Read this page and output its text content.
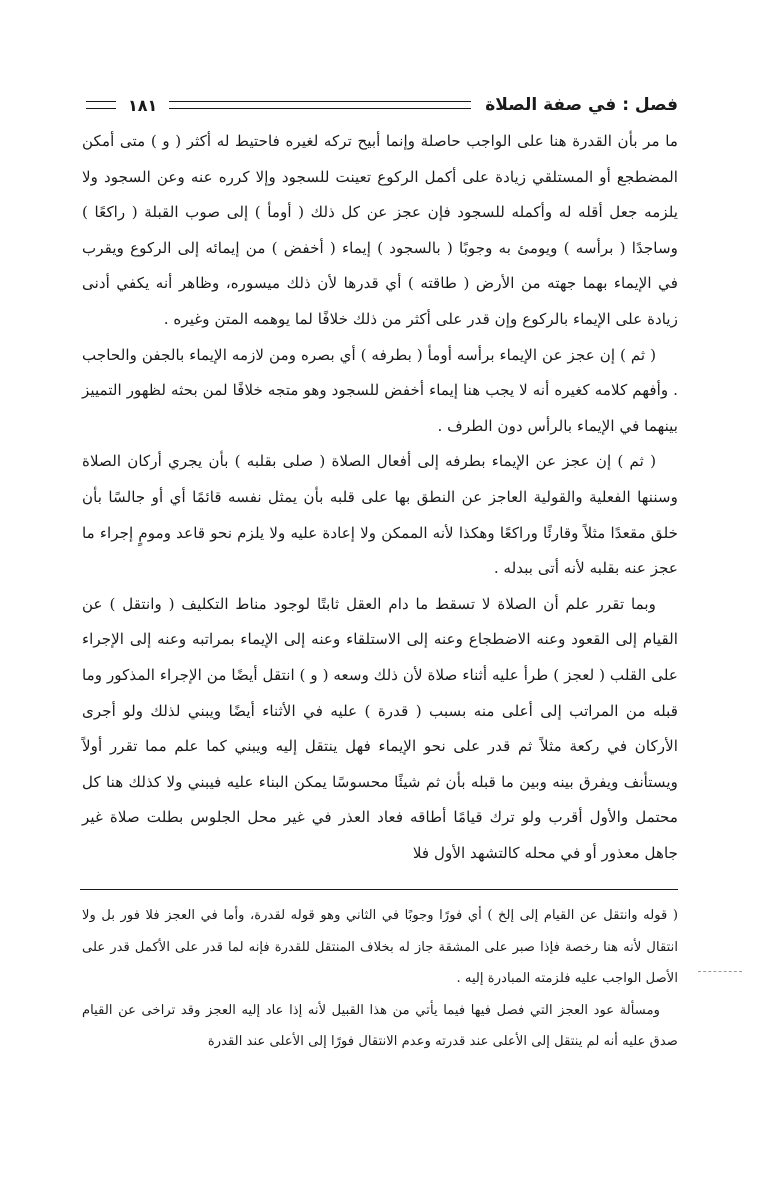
فصل : في صفة الصلاة
١٨١

ما مر بأن القدرة هنا على الواجب حاصلة وإنما أبيح تركه لغيره فاحتيط له أكثر ( و ) متى أمكن المضطجع أو المستلقي زيادة على أكمل الركوع تعينت للسجود وإلا كرره عنه وعن السجود ولا يلزمه جعل أقله له وأكمله للسجود فإن عجز عن كل ذلك ( أومأ ) إلى صوب القبلة ( راكعًا ) وساجدًا ( برأسه ) ويومئ به وجوبًا ( بالسجود ) إيماء ( أخفض ) من إيمائه إلى الركوع ويقرب في الإيماء بهما جهته من الأرض ( طاقته ) أي قدرها لأن ذلك ميسوره، وظاهر أنه يكفي أدنى زيادة على الإيماء بالركوع وإن قدر على أكثر من ذلك خلافًا لما يوهمه المتن وغيره .

( ثم ) إن عجز عن الإيماء برأسه أومأ ( بطرفه ) أي بصره ومن لازمه الإيماء بالجفن والحاجب . وأفهم كلامه كغيره أنه لا يجب هنا إيماء أخفض للسجود وهو متجه خلافًا لمن بحثه لظهور التمييز بينهما في الإيماء بالرأس دون الطرف .

( ثم ) إن عجز عن الإيماء بطرفه إلى أفعال الصلاة ( صلى بقلبه ) بأن يجري أركان الصلاة وسننها الفعلية والقولية العاجز عن النطق بها على قلبه بأن يمثل نفسه قائمًا أي أو جالسًا بأن خلق مقعدًا مثلاً وقارئًا وراكعًا وهكذا لأنه الممكن ولا إعادة عليه ولا يلزم نحو قاعد ومومٍ إجراء ما عجز عنه بقلبه لأنه أتى ببدله .

وبما تقرر علم أن الصلاة لا تسقط ما دام العقل ثابتًا لوجود مناط التكليف ( وانتقل ) عن القيام إلى القعود وعنه الاضطجاع وعنه إلى الاستلقاء وعنه إلى الإيماء بمراتبه وعنه إلى الإجراء على القلب ( لعجز ) طرأ عليه أثناء صلاة لأن ذلك وسعه ( و ) انتقل أيضًا من الإجراء المذكور وما قبله من المراتب إلى أعلى منه بسبب ( قدرة ) عليه في الأثناء أيضًا ويبني لذلك ولو أجرى الأركان في ركعة مثلاً ثم قدر على نحو الإيماء فهل ينتقل إليه ويبني كما علم مما تقرر أولاً ويستأنف ويفرق بينه وبين ما قبله بأن ثم شيئًا محسوسًا يمكن البناء عليه فيبني ولا كذلك هنا كل محتمل والأول أقرب ولو ترك قيامًا أطاقه فعاد العذر في غير محل الجلوس بطلت صلاة غير جاهل معذور أو في محله كالتشهد الأول فلا

( قوله وانتقل عن القيام إلى إلخ ) أي فورًا وجوبًا في الثاني وهو قوله لقدرة، وأما في العجز فلا فور بل ولا انتقال لأنه هنا رخصة فإذا صبر على المشقة جاز له بخلاف المنتقل للقدرة فإنه لما قدر على الأكمل قدر على الأصل الواجب عليه فلزمته المبادرة إليه .

ومسألة عود العجز التي فصل فيها فيما يأتي من هذا القبيل لأنه إذا عاد إليه العجز وقد تراخى عن القيام صدق عليه أنه لم ينتقل إلى الأعلى عند قدرته وعدم الانتقال فورًا إلى الأعلى عند القدرة
